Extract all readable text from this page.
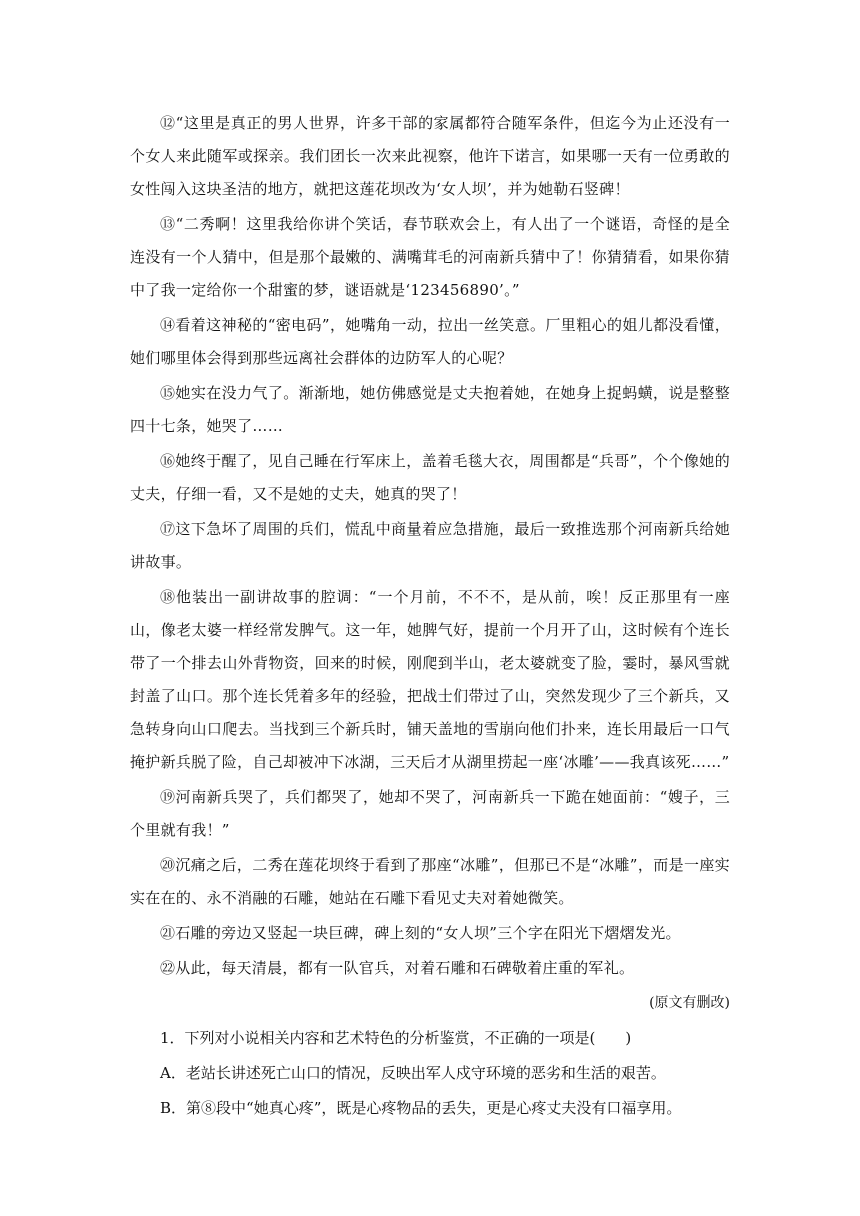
⑫“这里是真正的男人世界，许多干部的家属都符合随军条件，但迄今为止还没有一个女人来此随军或探亲。我们团长一次来此视察，他许下诺言，如果哪一天有一位勇敢的女性闯入这块圣洁的地方，就把这莲花坝改为‘女人坝’，并为她勒石竖碑！

⑬“二秀啊！这里我给你讲个笑话，春节联欢会上，有人出了一个谜语，奇怪的是全连没有一个人猜中，但是那个最嫩的、满嘴茸毛的河南新兵猜中了！你猜猜看，如果你猜中了我一定给你一个甜蜜的梦，谜语就是‘123456890’。”

⑭看着这神秘的“密电码”，她嘴角一动，拉出一丝笑意。厂里粗心的姐儿都没看懂，她们哪里体会得到那些远离社会群体的边防军人的心呢？

⑮她实在没力气了。渐渐地，她仿佛感觉是丈夫抱着她，在她身上捉蚂蟥，说是整整四十七条，她哭了……

⑯她终于醒了，见自己睡在行军床上，盖着毛毯大衣，周围都是“兵哥”，个个像她的丈夫，仔细一看，又不是她的丈夫，她真的哭了！

⑰这下急坏了周围的兵们，慌乱中商量着应急措施，最后一致推选那个河南新兵给她讲故事。

⑱他装出一副讲故事的腔调：“一个月前，不不不，是从前，唉！反正那里有一座山，像老太婆一样经常发脾气。这一年，她脾气好，提前一个月开了山，这时候有个连长带了一个排去山外背物资，回来的时候，刚爬到半山，老太婆就变了脸，霎时，暴风雪就封盖了山口。那个连长凭着多年的经验，把战士们带过了山，突然发现少了三个新兵，又急转身向山口爬去。当找到三个新兵时，铺天盖地的雪崩向他们扑来，连长用最后一口气掩护新兵脱了险，自己却被冲下冰湖，三天后才从湖里捞起一座‘冰雕’——我真该死……”

⑲河南新兵哭了，兵们都哭了，她却不哭了，河南新兵一下跪在她面前：“嫂子，三个里就有我！”

⑳沉痛之后，二秀在莲花坝终于看到了那座“冰雕”，但那已不是“冰雕”，而是一座实实在在的、永不消融的石雕，她站在石雕下看见丈夫对着她微笑。

㉑石雕的旁边又竖起一块巨碑，碑上刻的“女人坝”三个字在阳光下熠熠发光。

㉒从此，每天清晨，都有一队官兵，对着石雕和石碑敬着庄重的军礼。

(原文有删改)

1．下列对小说相关内容和艺术特色的分析鉴赏，不正确的一项是(　　)

A．老站长讲述死亡山口的情况，反映出军人戍守环境的恶劣和生活的艰苦。

B．第⑧段中“她真心疼”，既是心疼物品的丢失，更是心疼丈夫没有口福享用。
